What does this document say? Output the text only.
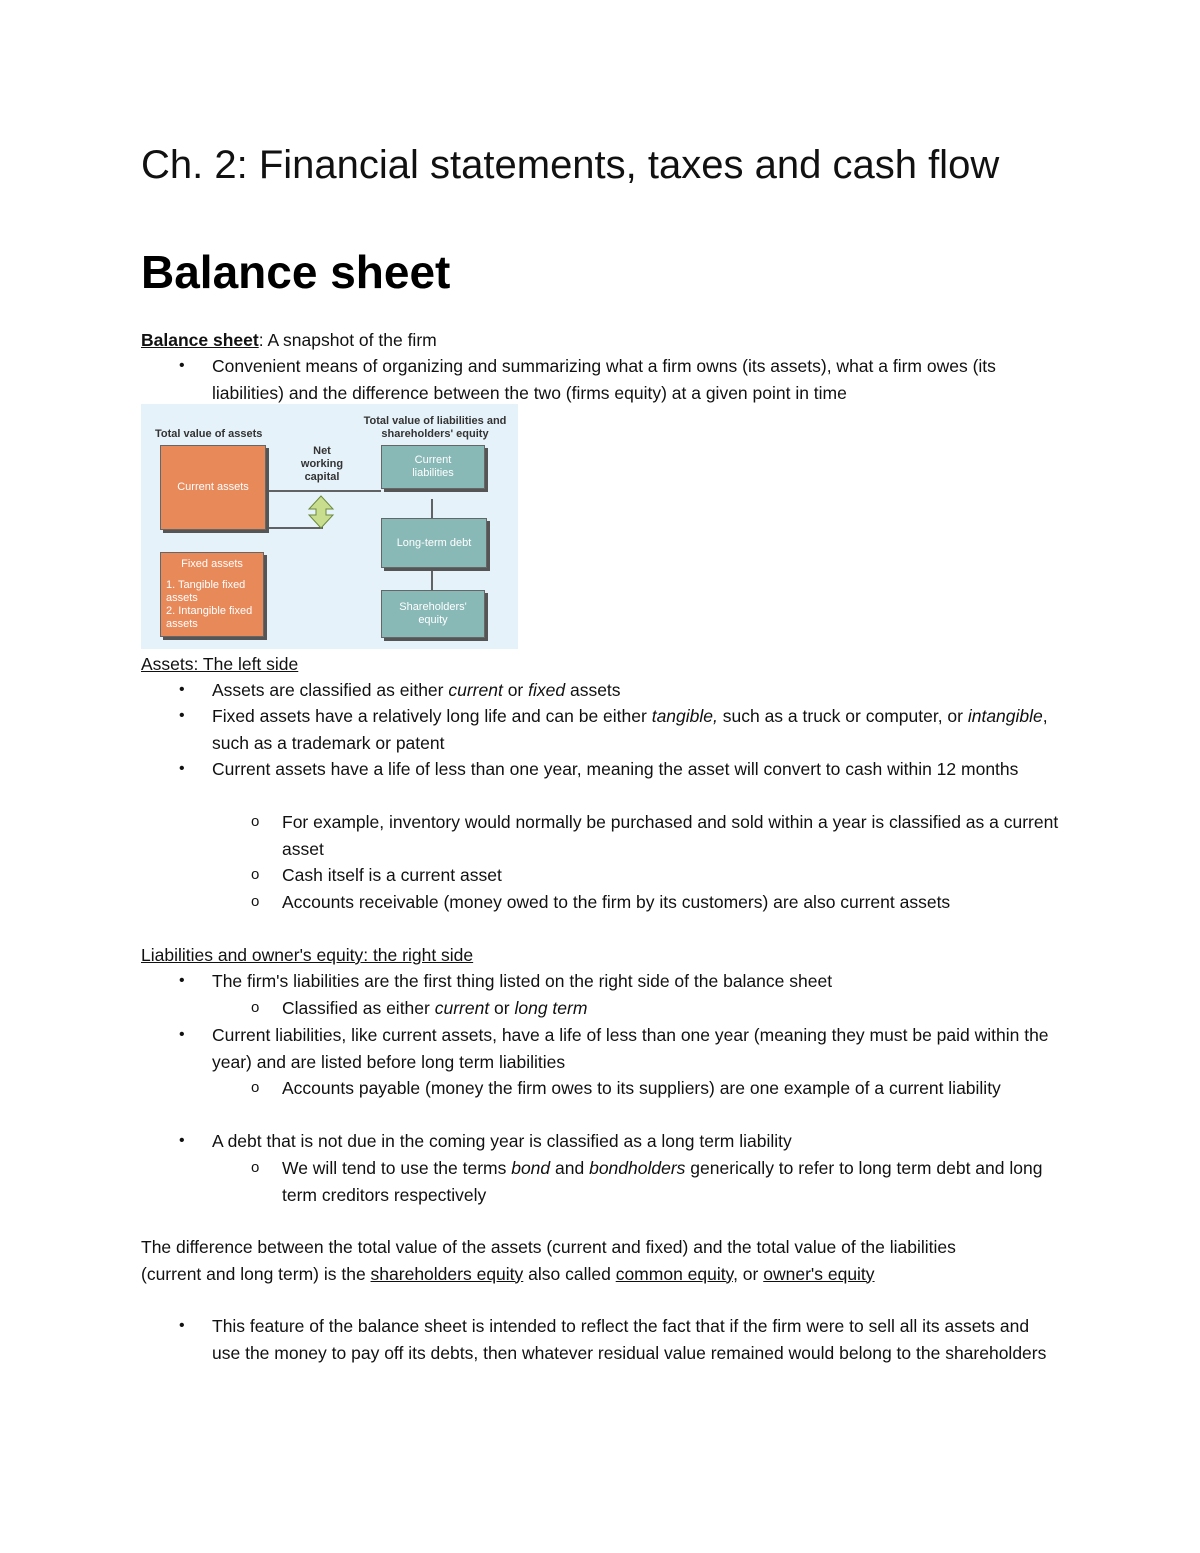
Ch. 2: Financial statements, taxes and cash flow
Balance sheet
Balance sheet: A snapshot of the firm
• Convenient means of organizing and summarizing what a firm owns (its assets), what a firm owes (its liabilities) and the difference between the two (firms equity) at a given point in time
Total value of assets
Total value of liabilities and shareholders' equity
Net working capital
Current assets
Fixed assets
1. Tangible fixed assets
2. Intangible fixed assets
Current liabilities
Long-term debt
Shareholders' equity
Assets: The left side
• Assets are classified as either current or fixed assets
• Fixed assets have a relatively long life and can be either tangible, such as a truck or computer, or intangible, such as a trademark or patent
• Current assets have a life of less than one year, meaning the asset will convert to cash within 12 months
o For example, inventory would normally be purchased and sold within a year is classified as a current asset
o Cash itself is a current asset
o Accounts receivable (money owed to the firm by its customers) are also current assets
Liabilities and owner's equity: the right side
• The firm's liabilities are the first thing listed on the right side of the balance sheet
o Classified as either current or long term
• Current liabilities, like current assets, have a life of less than one year (meaning they must be paid within the year) and are listed before long term liabilities
o Accounts payable (money the firm owes to its suppliers) are one example of a current liability
• A debt that is not due in the coming year is classified as a long term liability
o We will tend to use the terms bond and bondholders generically to refer to long term debt and long term creditors respectively
The difference between the total value of the assets (current and fixed) and the total value of the liabilities (current and long term) is the shareholders equity also called common equity, or owner's equity
• This feature of the balance sheet is intended to reflect the fact that if the firm were to sell all its assets and use the money to pay off its debts, then whatever residual value remained would belong to the shareholders
